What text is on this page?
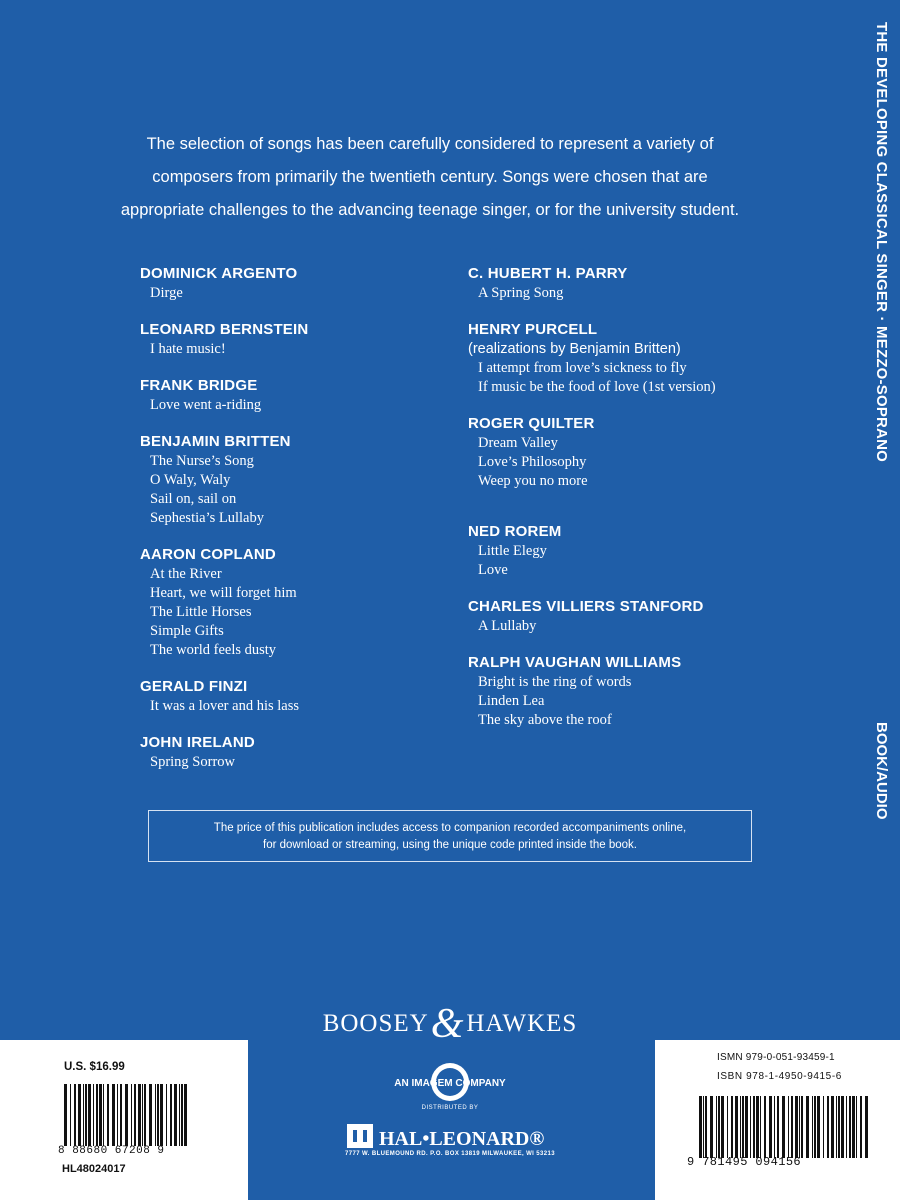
THE DEVELOPING CLASSICAL SINGER · MEZZO-SOPRANO
BOOK/AUDIO
The selection of songs has been carefully considered to represent a variety of composers from primarily the twentieth century. Songs were chosen that are appropriate challenges to the advancing teenage singer, or for the university student.
DOMINICK ARGENTO
Dirge
LEONARD BERNSTEIN
I hate music!
FRANK BRIDGE
Love went a-riding
BENJAMIN BRITTEN
The Nurse’s Song
O Waly, Waly
Sail on, sail on
Sephestia’s Lullaby
AARON COPLAND
At the River
Heart, we will forget him
The Little Horses
Simple Gifts
The world feels dusty
GERALD FINZI
It was a lover and his lass
JOHN IRELAND
Spring Sorrow
C. HUBERT H. PARRY
A Spring Song
HENRY PURCELL
(realizations by Benjamin Britten)
I attempt from love’s sickness to fly
If music be the food of love (1st version)
ROGER QUILTER
Dream Valley
Love’s Philosophy
Weep you no more
NED ROREM
Little Elegy
Love
CHARLES VILLIERS STANFORD
A Lullaby
RALPH VAUGHAN WILLIAMS
Bright is the ring of words
Linden Lea
The sky above the roof
The price of this publication includes access to companion recorded accompaniments online,
for download or streaming, using the unique code printed inside the book.
BOOSEY&HAWKES
AN IMAGEM COMPANY
DISTRIBUTED BY
HAL•LEONARD®
7777 W. BLUEMOUND RD. P.O. BOX 13819 MILWAUKEE, WI 53213
U.S. $16.99
8 88680 67208 9
HL48024017
ISMN 979-0-051-93459-1
ISBN 978-1-4950-9415-6
9 781495 094156
